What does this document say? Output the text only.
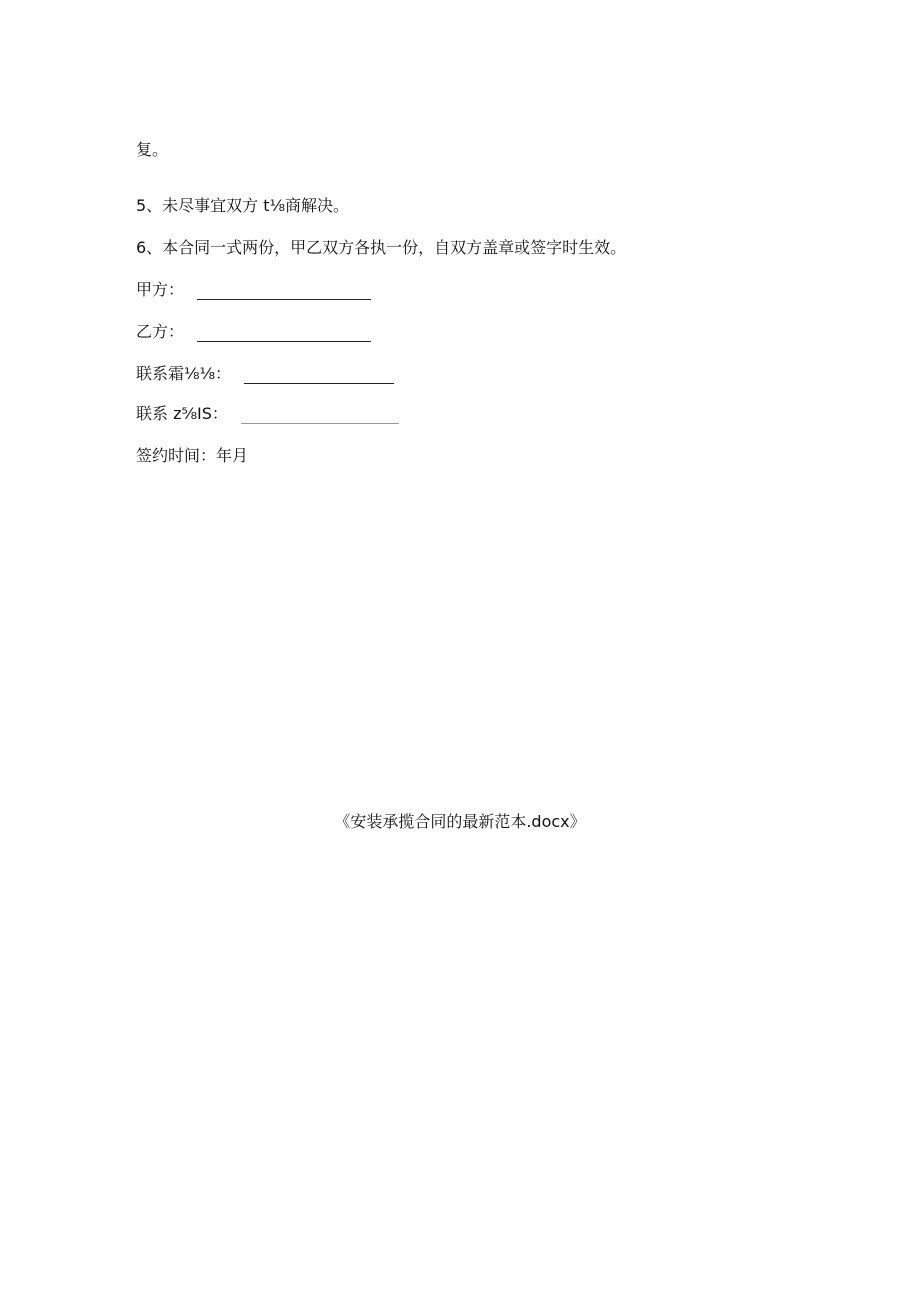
复。
5、未尽事宜双方 t⅛商解决。
6、本合同一式两份，甲乙双方各执一份，自双方盖章或签字时生效。
甲方：
乙方：
联系霜⅛⅛：
联系 z⅝IS：
签约时间：年月
《安装承揽合同的最新范本.docx》
